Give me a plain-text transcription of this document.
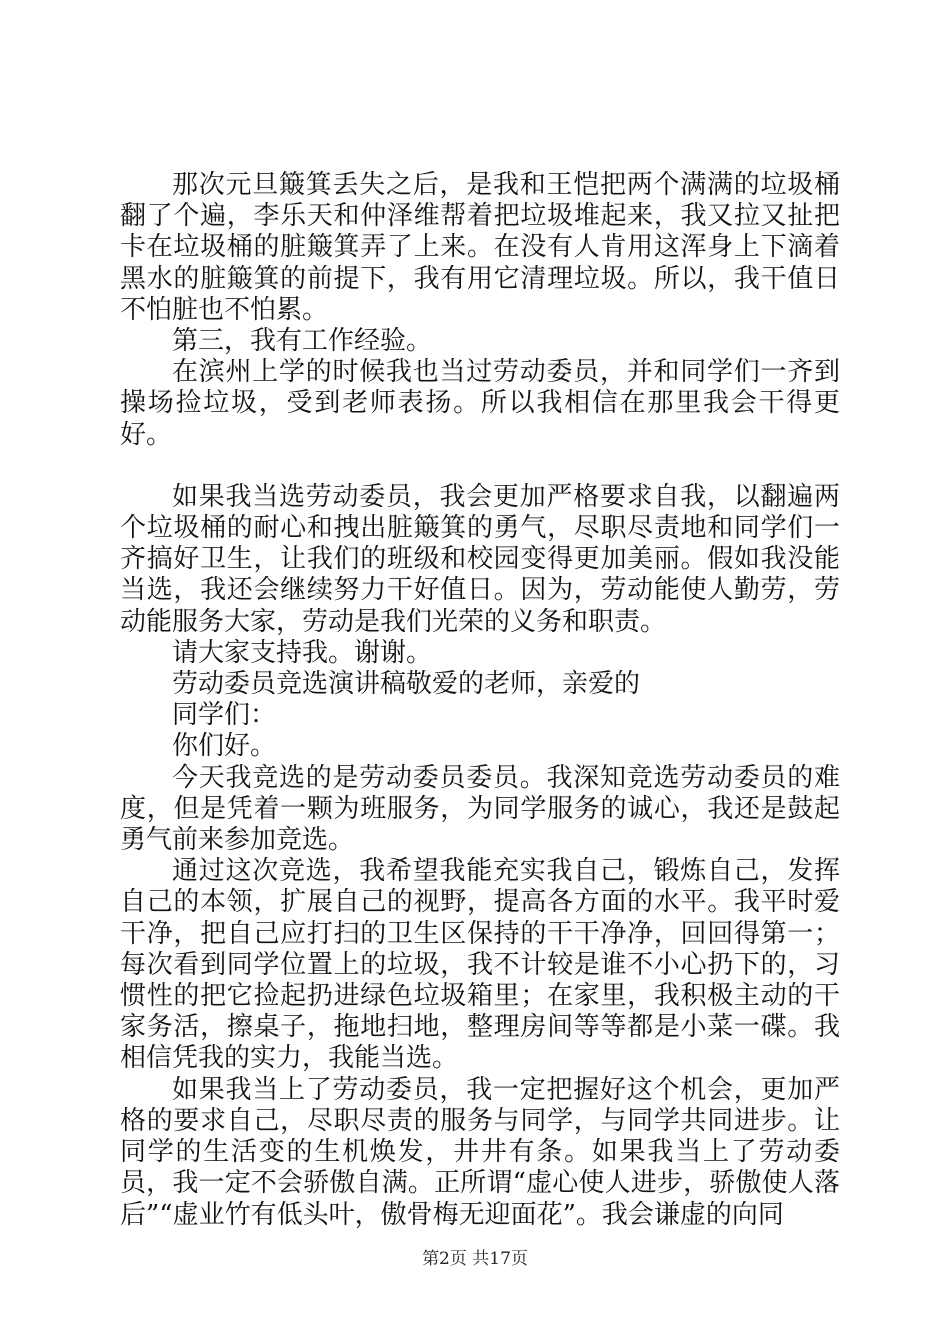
那次元旦簸箕丢失之后，是我和王恺把两个满满的垃圾桶翻了个遍，李乐天和仲泽维帮着把垃圾堆起来，我又拉又扯把卡在垃圾桶的脏簸箕弄了上来。在没有人肯用这浑身上下滴着黑水的脏簸箕的前提下，我有用它清理垃圾。所以，我干值日不怕脏也不怕累。

第三，我有工作经验。

在滨州上学的时候我也当过劳动委员，并和同学们一齐到操场捡垃圾，受到老师表扬。所以我相信在那里我会干得更好。

如果我当选劳动委员，我会更加严格要求自我，以翻遍两个垃圾桶的耐心和拽出脏簸箕的勇气，尽职尽责地和同学们一齐搞好卫生，让我们的班级和校园变得更加美丽。假如我没能当选，我还会继续努力干好值日。因为，劳动能使人勤劳，劳动能服务大家，劳动是我们光荣的义务和职责。

请大家支持我。谢谢。

劳动委员竞选演讲稿敬爱的老师，亲爱的

同学们：

你们好。

今天我竞选的是劳动委员委员。我深知竞选劳动委员的难度，但是凭着一颗为班服务，为同学服务的诚心，我还是鼓起勇气前来参加竞选。

通过这次竞选，我希望我能充实我自己，锻炼自己，发挥自己的本领，扩展自己的视野，提高各方面的水平。我平时爱干净，把自己应打扫的卫生区保持的干干净净，回回得第一；每次看到同学位置上的垃圾，我不计较是谁不小心扔下的，习惯性的把它捡起扔进绿色垃圾箱里；在家里，我积极主动的干家务活，擦桌子，拖地扫地，整理房间等等都是小菜一碟。我相信凭我的实力，我能当选。

如果我当上了劳动委员，我一定把握好这个机会，更加严格的要求自己，尽职尽责的服务与同学，与同学共同进步。让同学的生活变的生机焕发，井井有条。如果我当上了劳动委员，我一定不会骄傲自满。正所谓“虚心使人进步，骄傲使人落后”“虚业竹有低头叶，傲骨梅无迎面花”。我会谦虚的向同

第2页 共17页
